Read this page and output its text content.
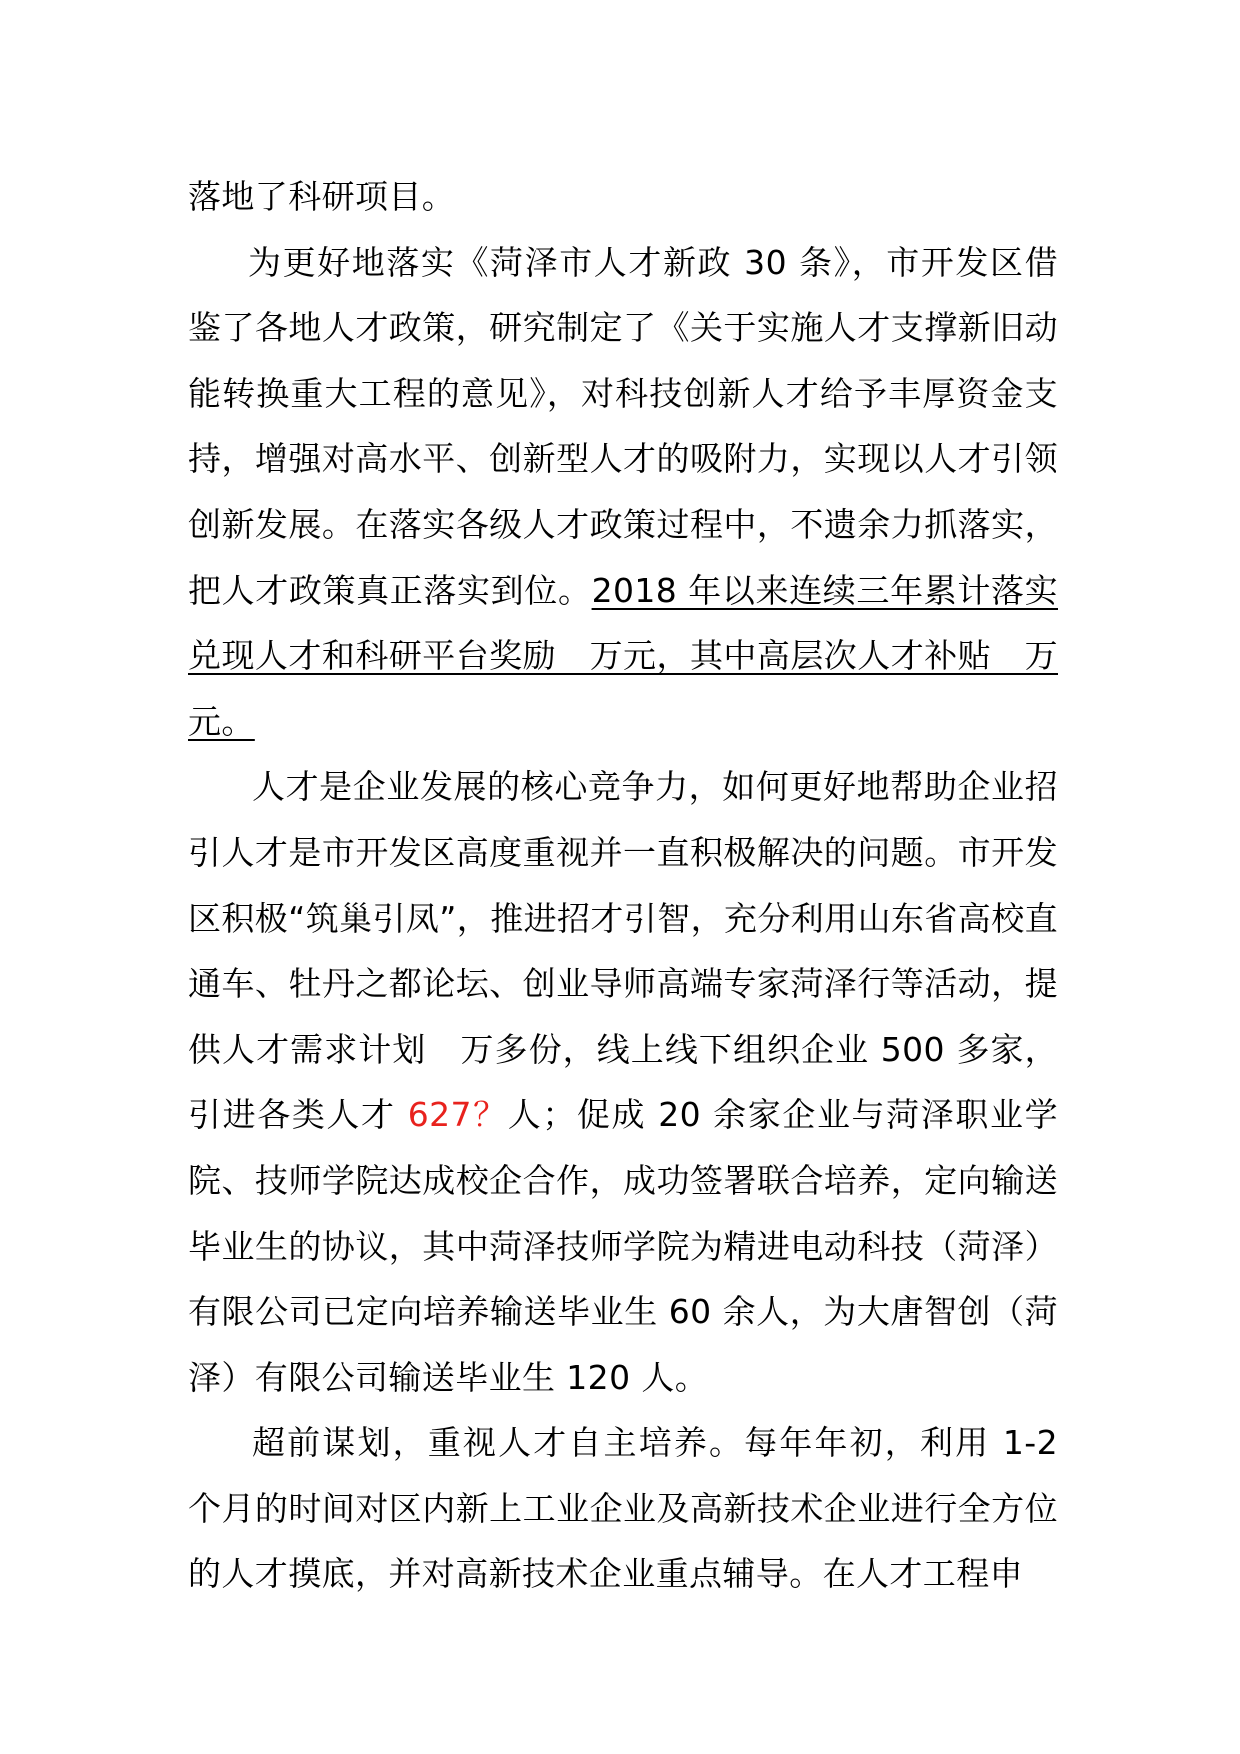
落地了科研项目。

为更好地落实《菏泽市人才新政 30 条》，市开发区借鉴了各地人才政策，研究制定了《关于实施人才支撑新旧动能转换重大工程的意见》，对科技创新人才给予丰厚资金支持，增强对高水平、创新型人才的吸附力，实现以人才引领创新发展。在落实各级人才政策过程中，不遗余力抓落实，把人才政策真正落实到位。2018 年以来连续三年累计落实兑现人才和科研平台奖励　万元，其中高层次人才补贴　万元。

人才是企业发展的核心竞争力，如何更好地帮助企业招引人才是市开发区高度重视并一直积极解决的问题。市开发区积极“筑巢引凤”，推进招才引智，充分利用山东省高校直通车、牡丹之都论坛、创业导师高端专家菏泽行等活动，提供人才需求计划　万多份，线上线下组织企业 500 多家，引进各类人才 627？人；促成 20 余家企业与菏泽职业学院、技师学院达成校企合作，成功签署联合培养，定向输送毕业生的协议，其中菏泽技师学院为精进电动科技（菏泽）有限公司已定向培养输送毕业生 60 余人，为大唐智创（菏泽）有限公司输送毕业生 120 人。

超前谋划，重视人才自主培养。每年年初，利用 1-2 个月的时间对区内新上工业企业及高新技术企业进行全方位的人才摸底，并对高新技术企业重点辅导。在人才工程申
